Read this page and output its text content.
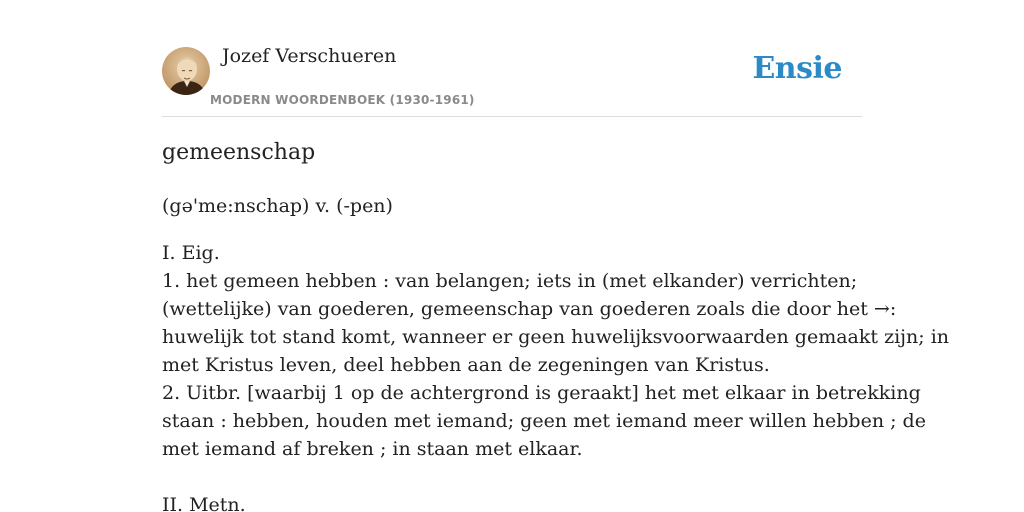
Jozef Verschueren
MODERN WOORDENBOEK (1930-1961)
Ensie
gemeenschap
(gə'me:nschap) v. (-pen)
I. Eig.
1. het gemeen hebben : van belangen; iets in (met elkander) verrichten;
(wettelijke) van goederen, gemeenschap van goederen zoals die door het →:
huwelijk tot stand komt, wanneer er geen huwelijksvoorwaarden gemaakt zijn; in
met Kristus leven, deel hebben aan de zegeningen van Kristus.
2. Uitbr. [waarbij 1 op de achtergrond is geraakt] het met elkaar in betrekking
staan : hebben, houden met iemand; geen met iemand meer willen hebben ; de
met iemand af breken ; in staan met elkaar.
II. Metn.
